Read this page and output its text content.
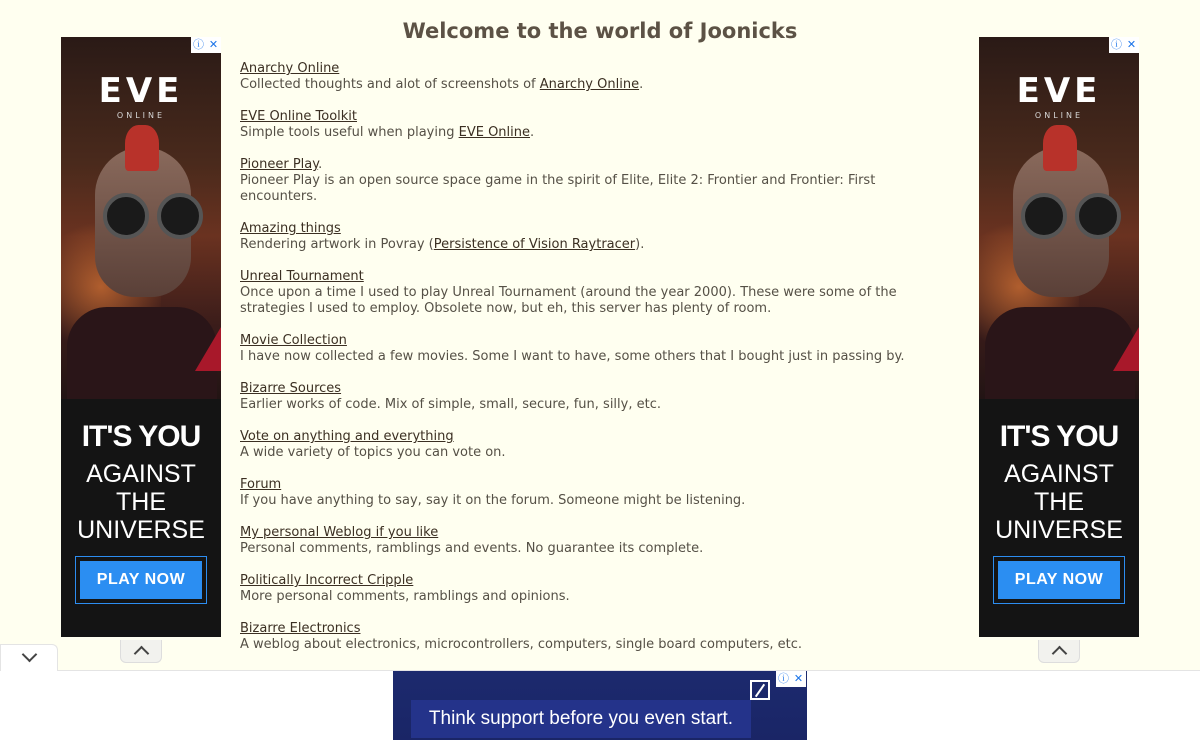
Welcome to the world of Joonicks
Anarchy Online
Collected thoughts and alot of screenshots of Anarchy Online.
EVE Online Toolkit
Simple tools useful when playing EVE Online.
Pioneer Play.
Pioneer Play is an open source space game in the spirit of Elite, Elite 2: Frontier and Frontier: First encounters.
Amazing things
Rendering artwork in Povray (Persistence of Vision Raytracer).
Unreal Tournament
Once upon a time I used to play Unreal Tournament (around the year 2000). These were some of the strategies I used to employ. Obsolete now, but eh, this server has plenty of room.
Movie Collection
I have now collected a few movies. Some I want to have, some others that I bought just in passing by.
Bizarre Sources
Earlier works of code. Mix of simple, small, secure, fun, silly, etc.
Vote on anything and everything
A wide variety of topics you can vote on.
Forum
If you have anything to say, say it on the forum. Someone might be listening.
My personal Weblog if you like
Personal comments, ramblings and events. No guarantee its complete.
Politically Incorrect Cripple
More personal comments, ramblings and opinions.
Bizarre Electronics
A weblog about electronics, microcontrollers, computers, single board computers, etc.
EVE
ONLINE
IT'S YOU
AGAINST THE
UNIVERSE
PLAY NOW
ⓘ ✕
EVE
ONLINE
IT'S YOU
AGAINST THE
UNIVERSE
PLAY NOW
ⓘ ✕
Think support before you even start.
ⓘ ✕
